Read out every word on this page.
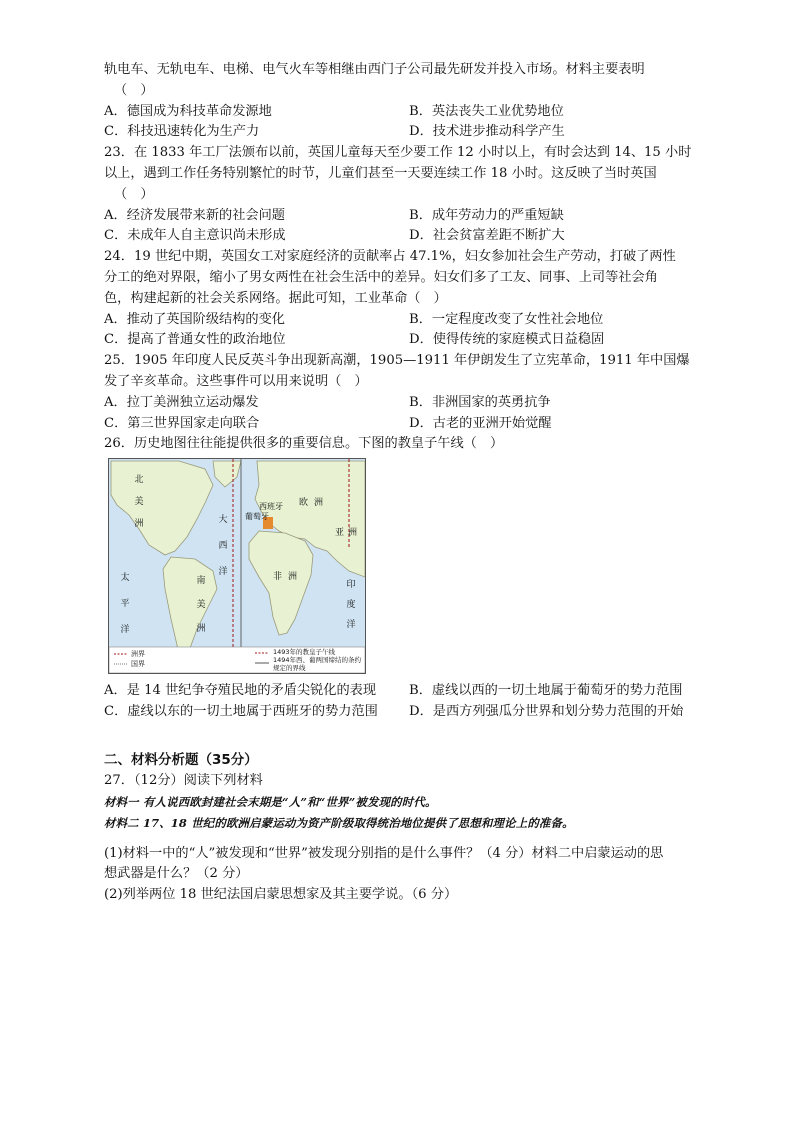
轨电车、无轨电车、电梯、电气火车等相继由西门子公司最先研发并投入市场。材料主要表明
（　）
A．德国成为科技革命发源地	B．英法丧失工业优势地位
C．科技迅速转化为生产力	D．技术进步推动科学产生
23．在 1833 年工厂法颁布以前，英国儿童每天至少要工作 12 小时以上，有时会达到 14、15 小时
以上，遇到工作任务特别繁忙的时节，儿童们甚至一天要连续工作 18 小时。这反映了当时英国
（　）
A．经济发展带来新的社会问题	B．成年劳动力的严重短缺
C．未成年人自主意识尚未形成	D．社会贫富差距不断扩大
24．19 世纪中期，英国女工对家庭经济的贡献率占 47.1%，妇女参加社会生产劳动，打破了两性
分工的绝对界限，缩小了男女两性在社会生活中的差异。妇女们多了工友、同事、上司等社会角
色，构建起新的社会关系网络。据此可知，工业革命（　）
A．推动了英国阶级结构的变化	B．一定程度改变了女性社会地位
C．提高了普通女性的政治地位	D．使得传统的家庭模式日益稳固
25．1905 年印度人民反英斗争出现新高潮，1905—1911 年伊朗发生了立宪革命，1911 年中国爆
发了辛亥革命。这些事件可以用来说明（　）
A．拉丁美洲独立运动爆发	B．非洲国家的英勇抗争
C．第三世界国家走向联合	D．古老的亚洲开始觉醒
26．历史地图往往能提供很多的重要信息。下图的教皇子午线（　）
北
美
洲
太
平
洋
南
美
洲
大
西
洋
印
度
洋
欧洲
亚洲
非洲
葡萄牙
西班牙
洲界
国界
1493年的教皇子午线
1494年西、葡两国缔结的条约
规定的界线
A．是 14 世纪争夺殖民地的矛盾尖锐化的表现 B．虚线以西的一切土地属于葡萄牙的势力范围
C．虚线以东的一切土地属于西班牙的势力范围 D．是西方列强瓜分世界和划分势力范围的开始
二、材料分析题（35分）
27．（12分）阅读下列材料
材料一 有人说西欧封建社会末期是“人”和“世界”被发现的时代。
材料二 17、18 世纪的欧洲启蒙运动为资产阶级取得统治地位提供了思想和理论上的准备。
(1)材料一中的“人”被发现和“世界”被发现分别指的是什么事件？（4 分）材料二中启蒙运动的思
想武器是什么？（2 分）
(2)列举两位 18 世纪法国启蒙思想家及其主要学说。（6 分）
